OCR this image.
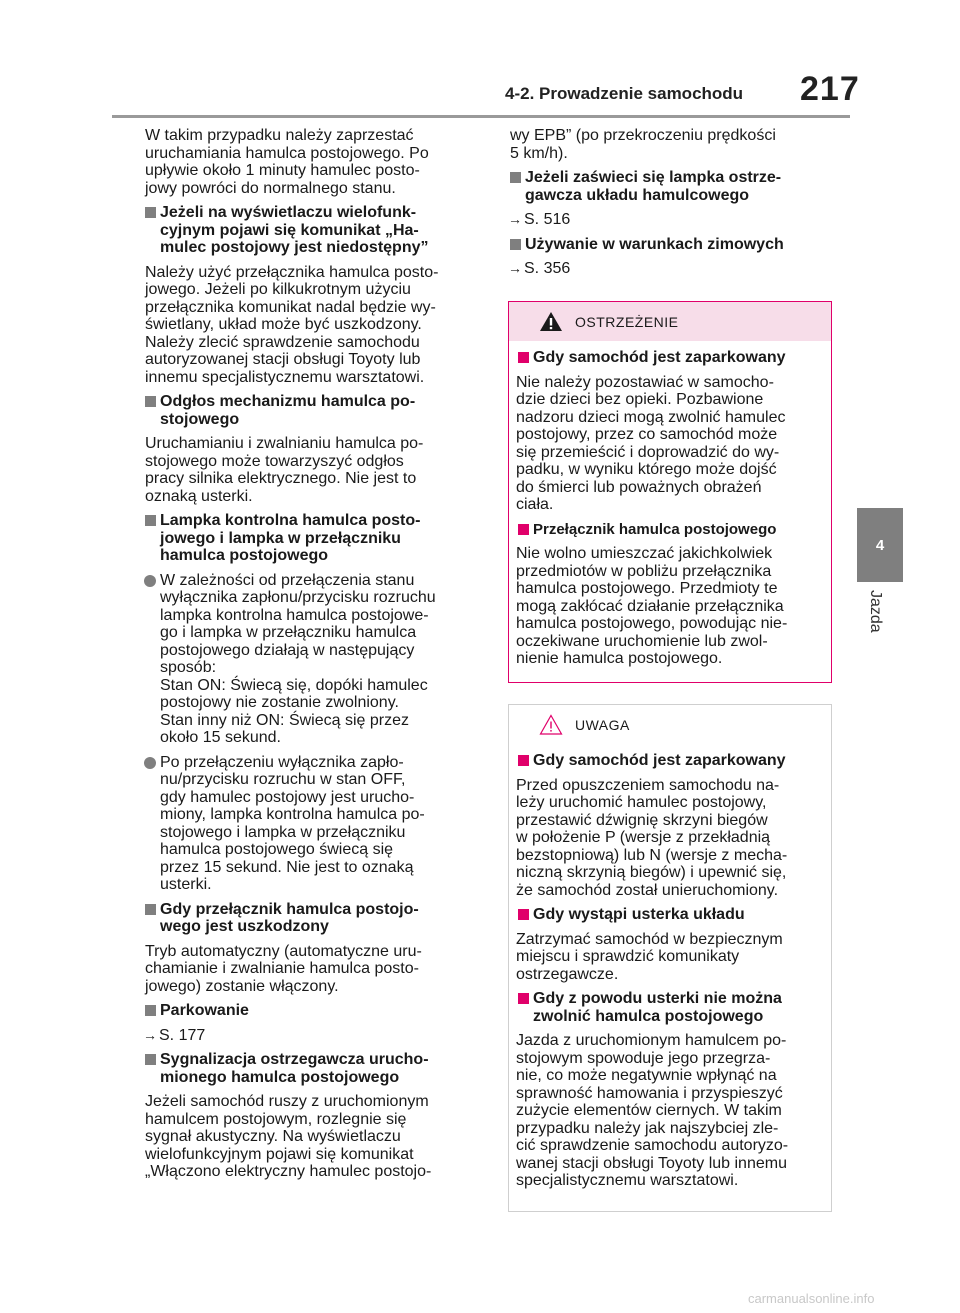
4-2. Prowadzenie samochodu 217
4
Jazda

W takim przypadku należy zaprzestać
uruchamiania hamulca postojowego. Po
upływie około 1 minuty hamulec posto-
jowy powróci do normalnego stanu.

Jeżeli na wyświetlaczu wielofunk-
cyjnym pojawi się komunikat „Ha-
mulec postojowy jest niedostępny”

Należy użyć przełącznika hamulca posto-
jowego. Jeżeli po kilkukrotnym użyciu
przełącznika komunikat nadal będzie wy-
świetlany, układ może być uszkodzony.
Należy zlecić sprawdzenie samochodu
autoryzowanej stacji obsługi Toyoty lub
innemu specjalistycznemu warsztatowi.

Odgłos mechanizmu hamulca po-
stojowego

Uruchamianiu i zwalnianiu hamulca po-
stojowego może towarzyszyć odgłos
pracy silnika elektrycznego. Nie jest to
oznaką usterki.

Lampka kontrolna hamulca posto-
jowego i lampka w przełączniku
hamulca postojowego
W zależności od przełączenia stanu
wyłącznika zapłonu/przycisku rozruchu
lampka kontrolna hamulca postojowe-
go i lampka w przełączniku hamulca
postojowego działają w następujący
sposób:
Stan ON: Świecą się, dopóki hamulec
postojowy nie zostanie zwolniony.
Stan inny niż ON: Świecą się przez
około 15 sekund.
Po przełączeniu wyłącznika zapło-
nu/przycisku rozruchu w stan OFF,
gdy hamulec postojowy jest urucho-
miony, lampka kontrolna hamulca po-
stojowego i lampka w przełączniku
hamulca postojowego świecą się
przez 15 sekund. Nie jest to oznaką
usterki.
Gdy przełącznik hamulca postojo-
wego jest uszkodzony

Tryb automatyczny (automatyczne uru-
chamianie i zwalnianie hamulca posto-
jowego) zostanie włączony.

Parkowanie
→ S. 177
Sygnalizacja ostrzegawcza urucho-
mionego hamulca postojowego

Jeżeli samochód ruszy z uruchomionym
hamulcem postojowym, rozlegnie się
sygnał akustyczny. Na wyświetlaczu
wielofunkcyjnym pojawi się komunikat
„Włączono elektryczny hamulec postojo-

wy EPB” (po przekroczeniu prędkości
5 km/h).

Jeżeli zaświeci się lampka ostrze-
gawcza układu hamulcowego
→ S. 516
Używanie w warunkach zimowych
→ S. 356
OSTRZEŻENIE
Gdy samochód jest zaparkowany

Nie należy pozostawiać w samocho-
dzie dzieci bez opieki. Pozbawione
nadzoru dzieci mogą zwolnić hamulec
postojowy, przez co samochód może
się przemieścić i doprowadzić do wy-
padku, w wyniku którego może dojść
do śmierci lub poważnych obrażeń
ciała.

Przełącznik hamulca postojowego

Nie wolno umieszczać jakichkolwiek
przedmiotów w pobliżu przełącznika
hamulca postojowego. Przedmioty te
mogą zakłócać działanie przełącznika
hamulca postojowego, powodując nie-
oczekiwane uruchomienie lub zwol-
nienie hamulca postojowego.

UWAGA
Gdy samochód jest zaparkowany

Przed opuszczeniem samochodu na-
leży uruchomić hamulec postojowy,
przestawić dźwignię skrzyni biegów
w położenie P (wersje z przekładnią
bezstopniową) lub N (wersje z mecha-
niczną skrzynią biegów) i upewnić się,
że samochód został unieruchomiony.

Gdy wystąpi usterka układu

Zatrzymać samochód w bezpiecznym
miejscu i sprawdzić komunikaty
ostrzegawcze.

Gdy z powodu usterki nie można
zwolnić hamulca postojowego

Jazda z uruchomionym hamulcem po-
stojowym spowoduje jego przegrza-
nie, co może negatywnie wpłynąć na
sprawność hamowania i przyspieszyć
zużycie elementów ciernych. W takim
przypadku należy jak najszybciej zle-
cić sprawdzenie samochodu autoryzo-
wanej stacji obsługi Toyoty lub innemu
specjalistycznemu warsztatowi.

carmanualsonline.info
